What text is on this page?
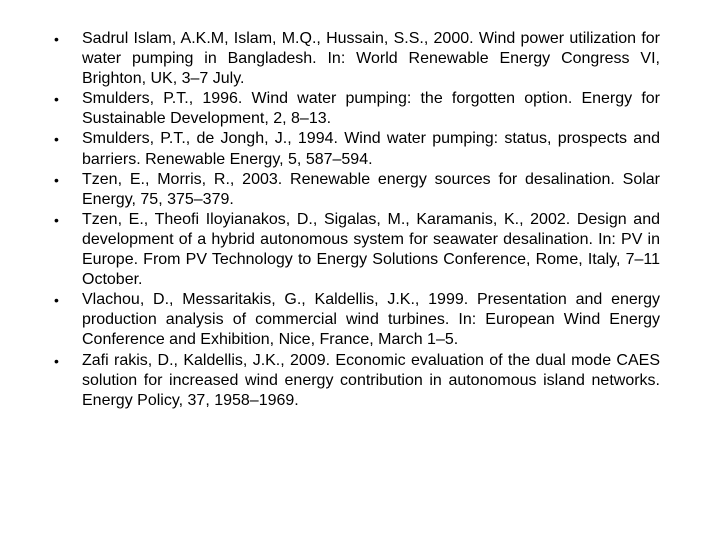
• Sadrul Islam, A.K.M, Islam, M.Q., Hussain, S.S., 2000. Wind power utilization for water pumping in Bangladesh. In: World Renewable Energy Congress VI, Brighton, UK, 3–7 July.
• Smulders, P.T., 1996. Wind water pumping: the forgotten option. Energy for Sustainable Development, 2, 8–13.
• Smulders, P.T., de Jongh, J., 1994. Wind water pumping: status, prospects and barriers. Renewable Energy, 5, 587–594.
• Tzen, E., Morris, R., 2003. Renewable energy sources for desalination. Solar Energy, 75, 375–379.
• Tzen, E., Theofi Iloyianakos, D., Sigalas, M., Karamanis, K., 2002. Design and development of a hybrid autonomous system for seawater desalination. In: PV in Europe. From PV Technology to Energy Solutions Conference, Rome, Italy, 7–11 October.
• Vlachou, D., Messaritakis, G., Kaldellis, J.K., 1999. Presentation and energy production analysis of commercial wind turbines. In: European Wind Energy Conference and Exhibition, Nice, France, March 1–5.
• Zafi rakis, D., Kaldellis, J.K., 2009. Economic evaluation of the dual mode CAES solution for increased wind energy contribution in autonomous island networks. Energy Policy, 37, 1958–1969.
